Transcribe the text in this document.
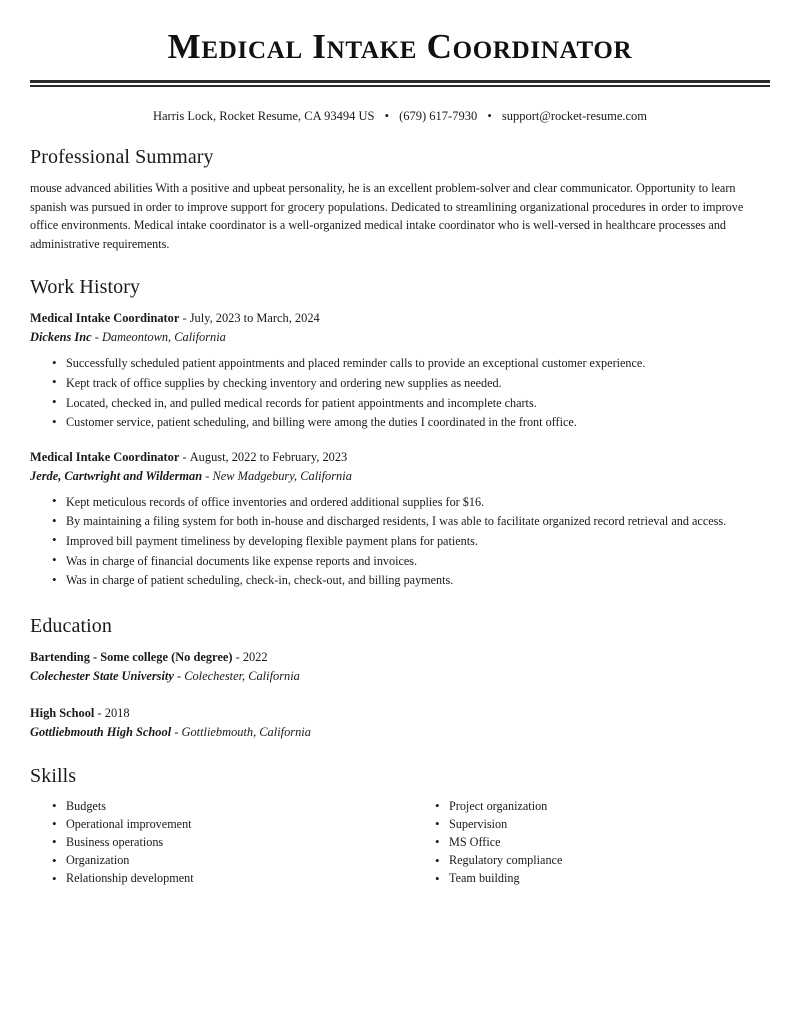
Medical Intake Coordinator
Harris Lock, Rocket Resume, CA 93494 US • (679) 617-7930 • support@rocket-resume.com
Professional Summary

mouse advanced abilities With a positive and upbeat personality, he is an excellent problem-solver and clear communicator. Opportunity to learn spanish was pursued in order to improve support for grocery populations. Dedicated to streamlining organizational procedures in order to improve office environments. Medical intake coordinator is a well-organized medical intake coordinator who is well-versed in healthcare processes and administrative requirements.

Work History
Medical Intake Coordinator - July, 2023 to March, 2024
Dickens Inc - Dameontown, California
• Successfully scheduled patient appointments and placed reminder calls to provide an exceptional customer experience.
• Kept track of office supplies by checking inventory and ordering new supplies as needed.
• Located, checked in, and pulled medical records for patient appointments and incomplete charts.
• Customer service, patient scheduling, and billing were among the duties I coordinated in the front office.
Medical Intake Coordinator - August, 2022 to February, 2023
Jerde, Cartwright and Wilderman - New Madgebury, California
• Kept meticulous records of office inventories and ordered additional supplies for $16.
• By maintaining a filing system for both in-house and discharged residents, I was able to facilitate organized record retrieval and access.
• Improved bill payment timeliness by developing flexible payment plans for patients.
• Was in charge of financial documents like expense reports and invoices.
• Was in charge of patient scheduling, check-in, check-out, and billing payments.
Education
Bartending - Some college (No degree) - 2022
Colechester State University - Colechester, California
High School - 2018
Gottliebmouth High School - Gottliebmouth, California
Skills
• Budgets
• Operational improvement
• Business operations
• Organization
• Relationship development
• Project organization
• Supervision
• MS Office
• Regulatory compliance
• Team building
